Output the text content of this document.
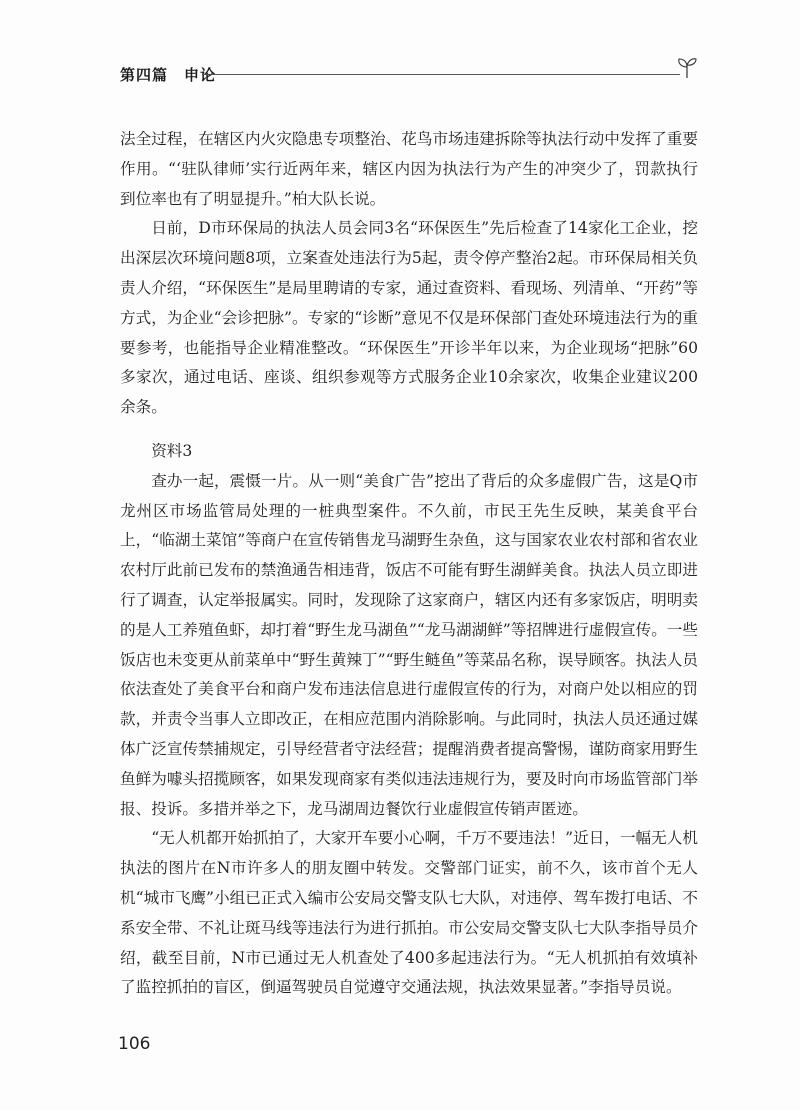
第四篇　申论

法全过程，在辖区内火灾隐患专项整治、花鸟市场违建拆除等执法行动中发挥了重要作用。“‘驻队律师’实行近两年来，辖区内因为执法行为产生的冲突少了，罚款执行到位率也有了明显提升。”柏大队长说。

日前，D市环保局的执法人员会同3名“环保医生”先后检查了14家化工企业，挖出深层次环境问题8项，立案查处违法行为5起，责令停产整治2起。市环保局相关负责人介绍，“环保医生”是局里聘请的专家，通过查资料、看现场、列清单、“开药”等方式，为企业“会诊把脉”。专家的“诊断”意见不仅是环保部门查处环境违法行为的重要参考，也能指导企业精准整改。“环保医生”开诊半年以来，为企业现场“把脉”60多家次，通过电话、座谈、组织参观等方式服务企业10余家次，收集企业建议200余条。

资料3

查办一起，震慑一片。从一则“美食广告”挖出了背后的众多虚假广告，这是Q市龙州区市场监管局处理的一桩典型案件。不久前，市民王先生反映，某美食平台上，“临湖土菜馆”等商户在宣传销售龙马湖野生杂鱼，这与国家农业农村部和省农业农村厅此前已发布的禁渔通告相违背，饭店不可能有野生湖鲜美食。执法人员立即进行了调查，认定举报属实。同时，发现除了这家商户，辖区内还有多家饭店，明明卖的是人工养殖鱼虾，却打着“野生龙马湖鱼”“龙马湖湖鲜”等招牌进行虚假宣传。一些饭店也未变更从前菜单中“野生黄辣丁”“野生鲢鱼”等菜品名称，误导顾客。执法人员依法查处了美食平台和商户发布违法信息进行虚假宣传的行为，对商户处以相应的罚款，并责令当事人立即改正，在相应范围内消除影响。与此同时，执法人员还通过媒体广泛宣传禁捕规定，引导经营者守法经营；提醒消费者提高警惕，谨防商家用野生鱼鲜为噱头招揽顾客，如果发现商家有类似违法违规行为，要及时向市场监管部门举报、投诉。多措并举之下，龙马湖周边餐饮行业虚假宣传销声匿迹。

“无人机都开始抓拍了，大家开车要小心啊，千万不要违法！”近日，一幅无人机执法的图片在N市许多人的朋友圈中转发。交警部门证实，前不久，该市首个无人机“城市飞鹰”小组已正式入编市公安局交警支队七大队，对违停、驾车拨打电话、不系安全带、不礼让斑马线等违法行为进行抓拍。市公安局交警支队七大队李指导员介绍，截至目前，N市已通过无人机查处了400多起违法行为。“无人机抓拍有效填补了监控抓拍的盲区，倒逼驾驶员自觉遵守交通法规，执法效果显著。”李指导员说。

106
